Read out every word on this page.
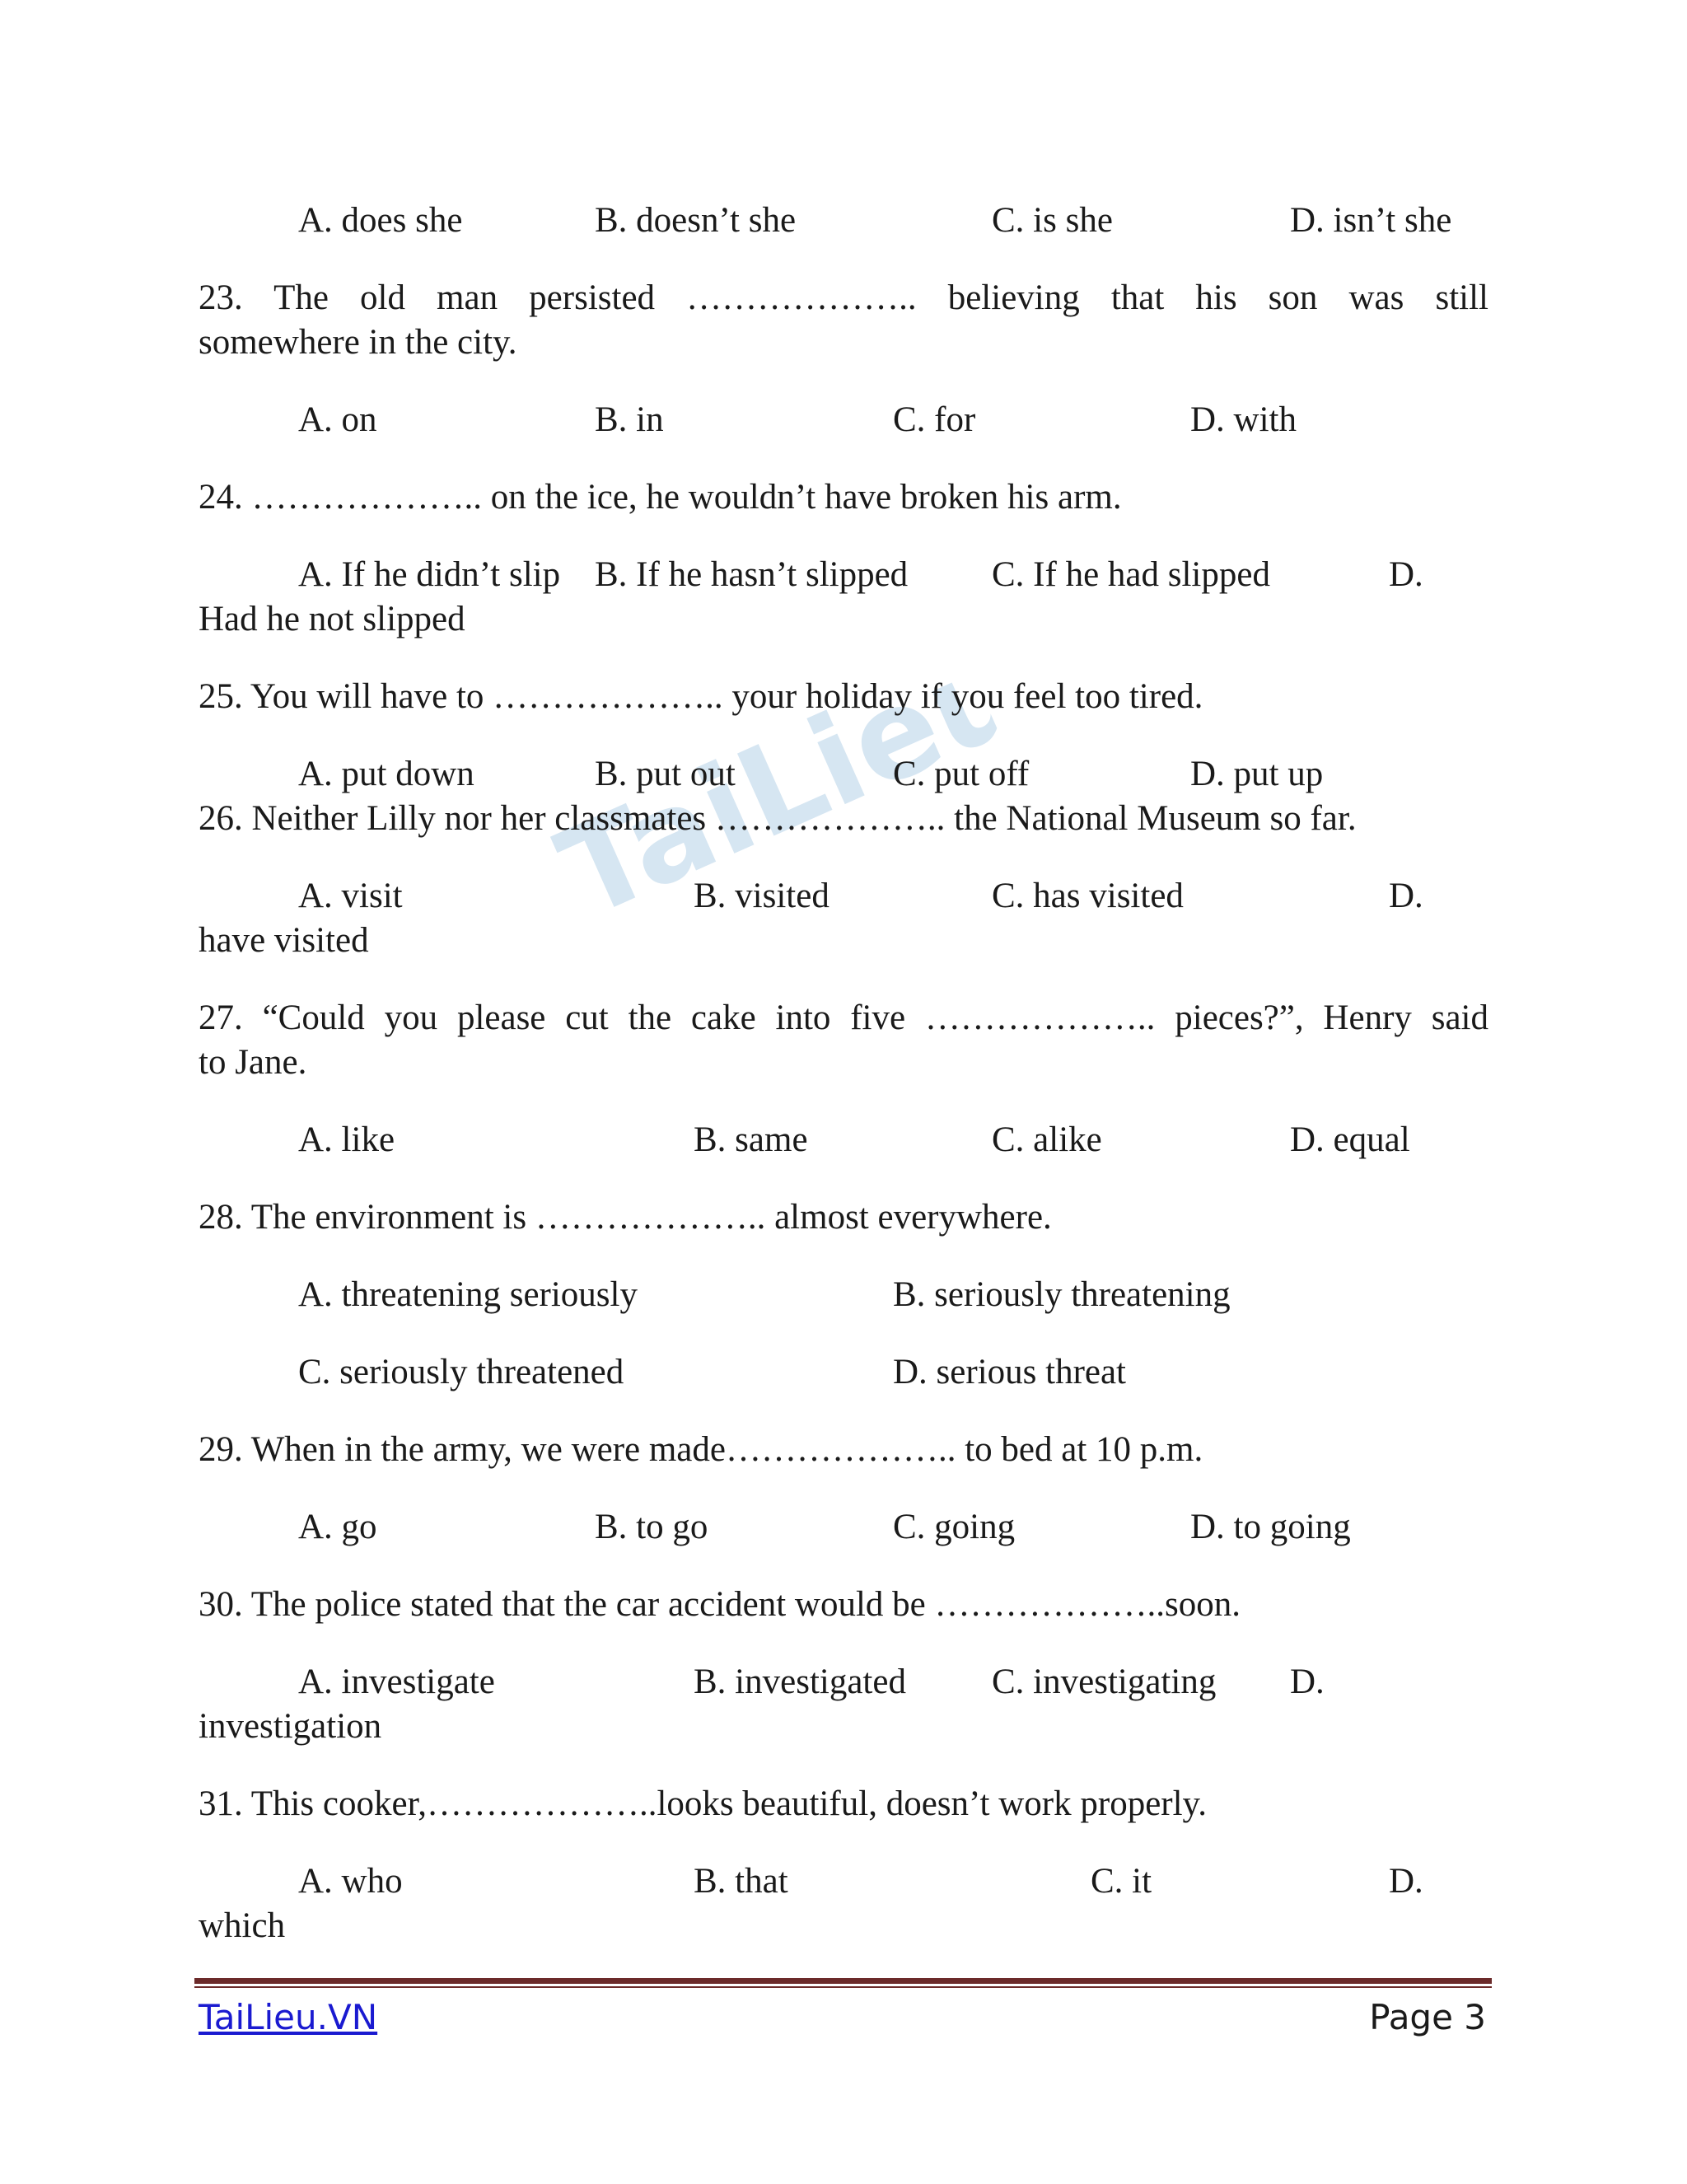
TaiLieu.VN
A. does she	B. doesn’t she	C. is she	D. isn’t she
23. The old man persisted ……………….. believing that his son was still
somewhere in the city.
A. on	B. in	C. for	D. with
24. ……………….. on the ice, he wouldn’t have broken his arm.
A. If he didn’t slip B. If he hasn’t slipped C. If he had slipped	D.
Had he not slipped
25. You will have to ……………….. your holiday if you feel too tired.
A. put down	B. put out	C. put off	D. put up
26. Neither Lilly nor her classmates ……………….. the National Museum so far.
A. visit	B. visited	C. has visited	D.
have visited
27. “Could you please cut the cake into five ……………….. pieces?”, Henry said
to Jane.
A. like	B. same	C. alike	D. equal
28. The environment is ……………….. almost everywhere.
A. threatening seriously	B. seriously threatening
C. seriously threatened	D. serious threat
29. When in the army, we were made……………….. to bed at 10 p.m.
A. go	B. to go	C. going	D. to going
30. The police stated that the car accident would be ………………..soon.
A. investigate	B. investigated C. investigating D.
investigation
31. This cooker,………………..looks beautiful, doesn’t work properly.
A. who	B. that	C. it	D.
which
TaiLieu.VN	Page 3
